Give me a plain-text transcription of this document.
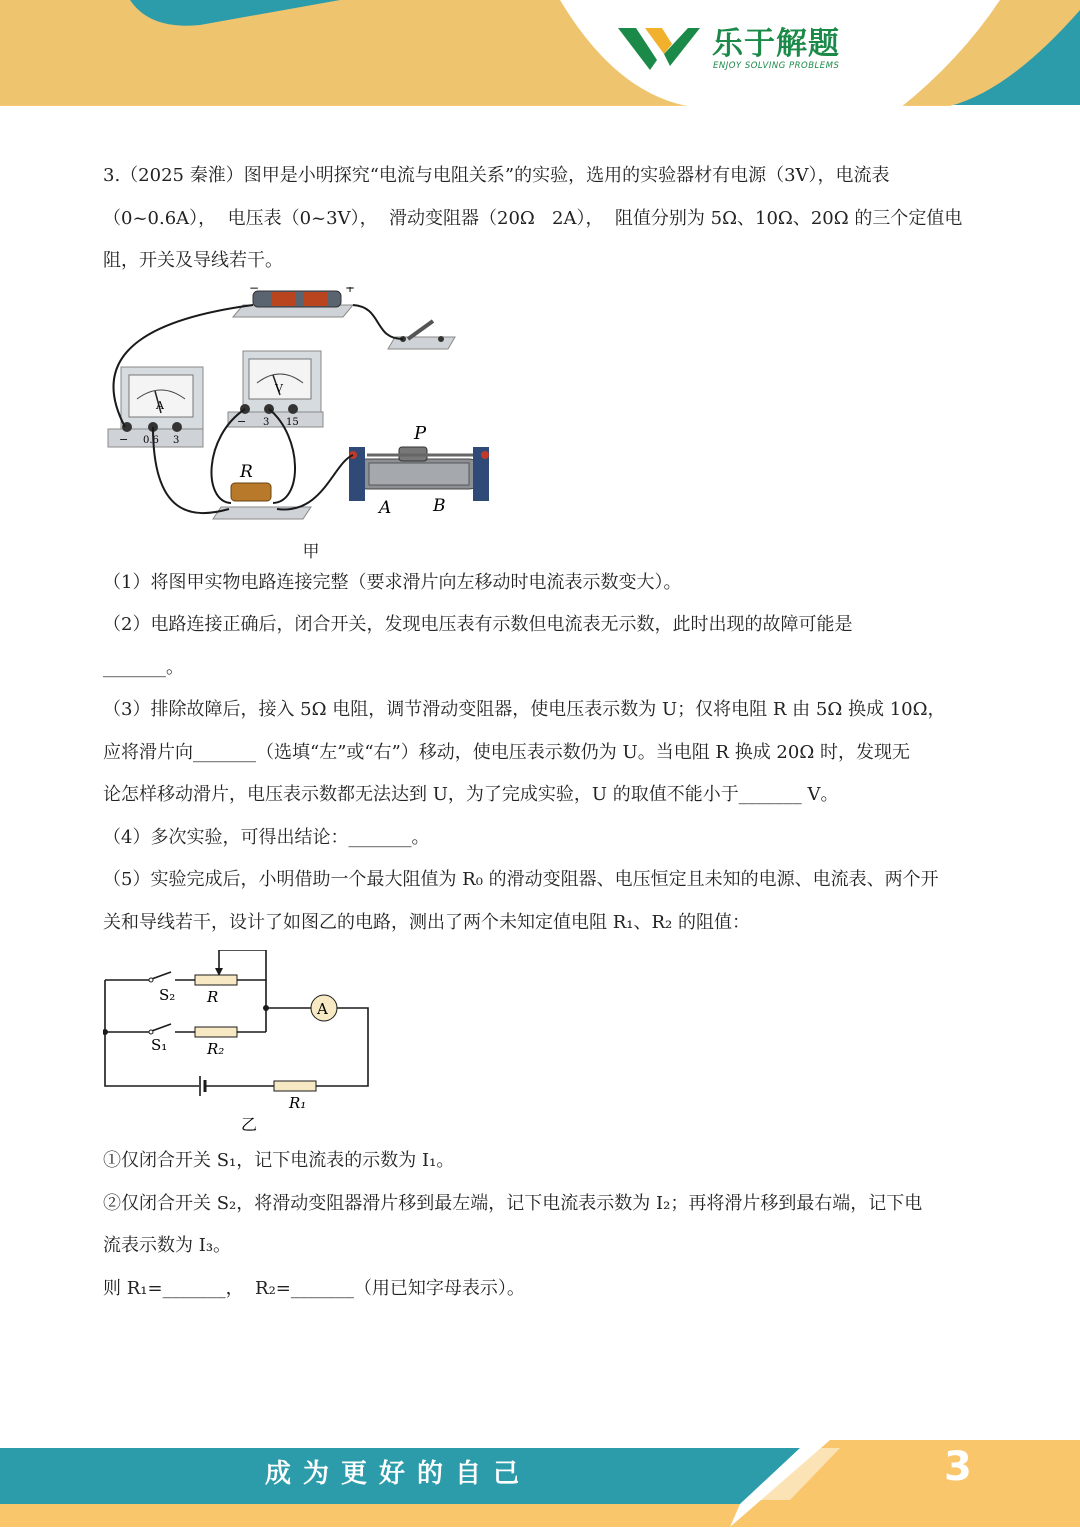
乐于解题
ENJOY SOLVING PROBLEMS

3.（2025 秦淮）图甲是小明探究“电流与电阻关系”的实验，选用的实验器材有电源（3V），电流表

（0~0.6A），  电压表（0~3V），  滑动变阻器（20Ω   2A），  阻值分别为 5Ω、10Ω、20Ω 的三个定值电

阻，开关及导线若干。

−	+
A
− 0.6 3
V
− 3 15
R
P
A B
甲

（1）将图甲实物电路连接完整（要求滑片向左移动时电流表示数变大）。

（2）电路连接正确后，闭合开关，发现电压表有示数但电流表无示数，此时出现的故障可能是

_______。

（3）排除故障后，接入 5Ω 电阻，调节滑动变阻器，使电压表示数为 U；仅将电阻 R 由 5Ω 换成 10Ω，

应将滑片向_______（选填“左”或“右”）移动，使电压表示数仍为 U。当电阻 R 换成 20Ω 时，发现无

论怎样移动滑片，电压表示数都无法达到 U，为了完成实验，U 的取值不能小于_______ V。

（4）多次实验，可得出结论：_______。

（5）实验完成后，小明借助一个最大阻值为 R₀ 的滑动变阻器、电压恒定且未知的电源、电流表、两个开

关和导线若干，设计了如图乙的电路，测出了两个未知定值电阻 R₁、R₂ 的阻值：

A
S₂ R
S₁	R₂
R₁
乙

①仅闭合开关 S₁，记下电流表的示数为 I₁。

②仅闭合开关 S₂，将滑动变阻器滑片移到最左端，记下电流表示数为 I₂；再将滑片移到最右端，记下电

流表示数为 I₃。

则 R₁=_______，  R₂=_______（用已知字母表示）。

成为更好的自己	3
